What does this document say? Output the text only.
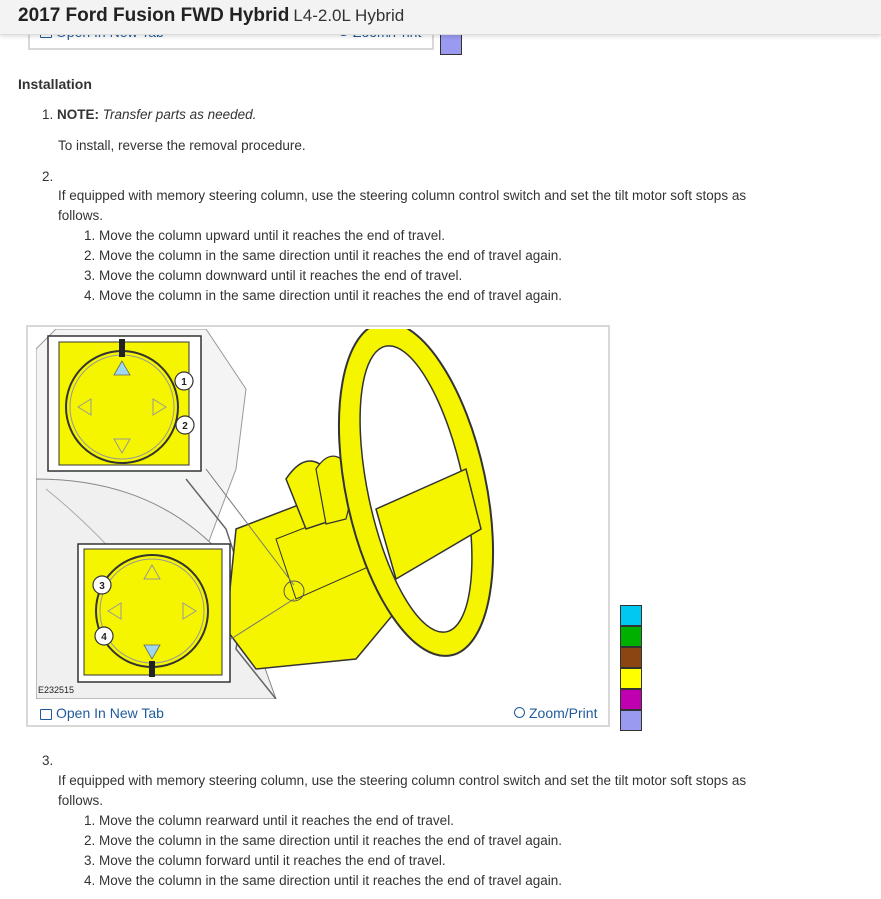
2017 Ford Fusion FWD Hybrid L4-2.0L Hybrid
Installation
1. NOTE: Transfer parts as needed.
To install, reverse the removal procedure.
2.
If equipped with memory steering column, use the steering column control switch and set the tilt motor soft stops as
follows.
1. Move the column upward until it reaches the end of travel.
2. Move the column in the same direction until it reaches the end of travel again.
3. Move the column downward until it reaches the end of travel.
4. Move the column in the same direction until it reaches the end of travel again.
1
2
3
4
E232515
Open In New Tab	Zoom/Print
3.
If equipped with memory steering column, use the steering column control switch and set the tilt motor soft stops as
follows.
1. Move the column rearward until it reaches the end of travel.
2. Move the column in the same direction until it reaches the end of travel again.
3. Move the column forward until it reaches the end of travel.
4. Move the column in the same direction until it reaches the end of travel again.
